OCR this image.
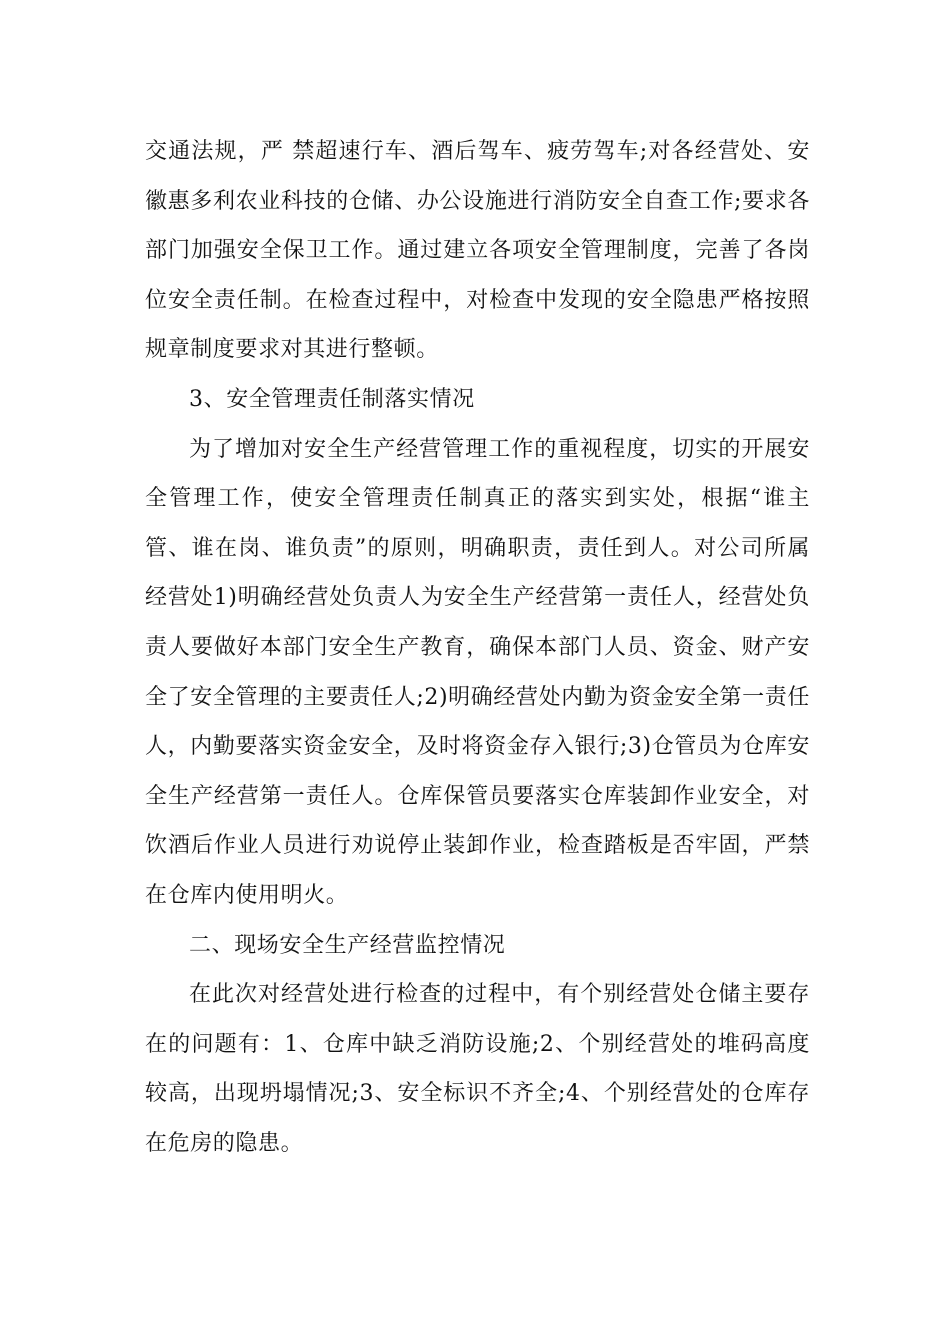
交通法规，严 禁超速行车、酒后驾车、疲劳驾车;对各经营处、安徽惠多利农业科技的仓储、办公设施进行消防安全自查工作;要求各部门加强安全保卫工作。通过建立各项安全管理制度，完善了各岗位安全责任制。在检查过程中，对检查中发现的安全隐患严格按照规章制度要求对其进行整顿。

3、安全管理责任制落实情况

为了增加对安全生产经营管理工作的重视程度，切实的开展安全管理工作，使安全管理责任制真正的落实到实处，根据“谁主管、谁在岗、谁负责”的原则，明确职责，责任到人。对公司所属经营处1)明确经营处负责人为安全生产经营第一责任人，经营处负责人要做好本部门安全生产教育，确保本部门人员、资金、财产安全了安全管理的主要责任人;2)明确经营处内勤为资金安全第一责任人，内勤要落实资金安全，及时将资金存入银行;3)仓管员为仓库安全生产经营第一责任人。仓库保管员要落实仓库装卸作业安全，对饮酒后作业人员进行劝说停止装卸作业，检查踏板是否牢固，严禁在仓库内使用明火。

二、现场安全生产经营监控情况

在此次对经营处进行检查的过程中，有个别经营处仓储主要存在的问题有：1、仓库中缺乏消防设施;2、个别经营处的堆码高度较高，出现坍塌情况;3、安全标识不齐全;4、个别经营处的仓库存在危房的隐患。
